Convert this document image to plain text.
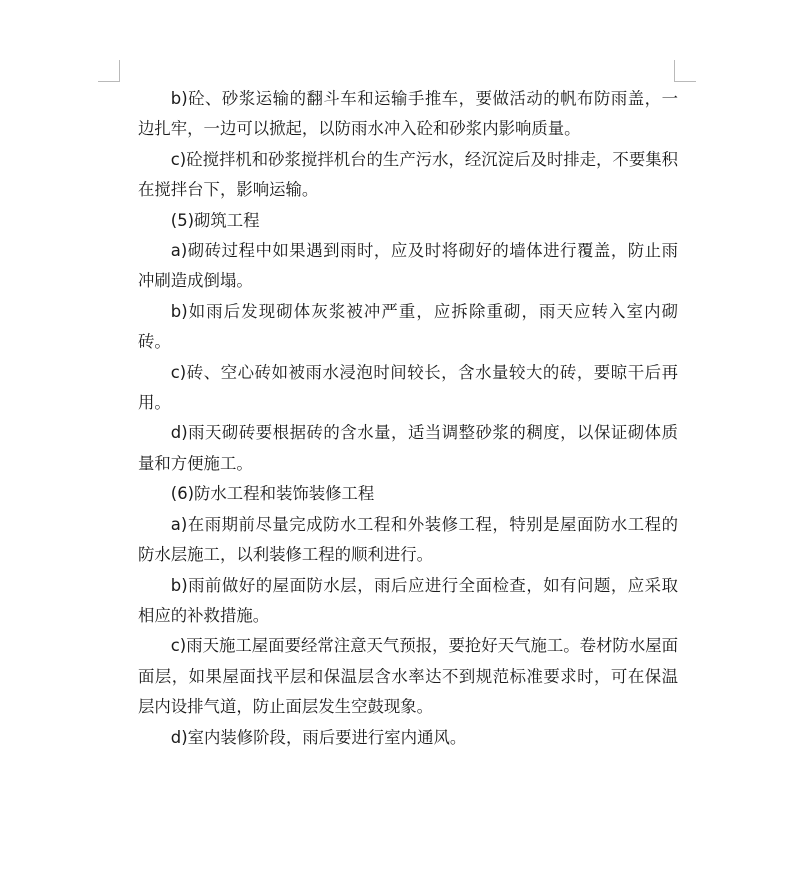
b)砼、砂浆运输的翻斗车和运输手推车，要做活动的帆布防雨盖，一边扎牢，一边可以掀起，以防雨水冲入砼和砂浆内影响质量。

c)砼搅拌机和砂浆搅拌机台的生产污水，经沉淀后及时排走，不要集积在搅拌台下，影响运输。

(5)砌筑工程

a)砌砖过程中如果遇到雨时，应及时将砌好的墙体进行覆盖，防止雨冲刷造成倒塌。

b)如雨后发现砌体灰浆被冲严重，应拆除重砌，雨天应转入室内砌砖。

c)砖、空心砖如被雨水浸泡时间较长，含水量较大的砖，要晾干后再用。

d)雨天砌砖要根据砖的含水量，适当调整砂浆的稠度，以保证砌体质量和方便施工。

(6)防水工程和装饰装修工程

a)在雨期前尽量完成防水工程和外装修工程，特别是屋面防水工程的防水层施工，以利装修工程的顺利进行。

b)雨前做好的屋面防水层，雨后应进行全面检查，如有问题，应采取相应的补救措施。

c)雨天施工屋面要经常注意天气预报，要抢好天气施工。卷材防水屋面面层，如果屋面找平层和保温层含水率达不到规范标准要求时，可在保温层内设排气道，防止面层发生空鼓现象。

d)室内装修阶段，雨后要进行室内通风。
